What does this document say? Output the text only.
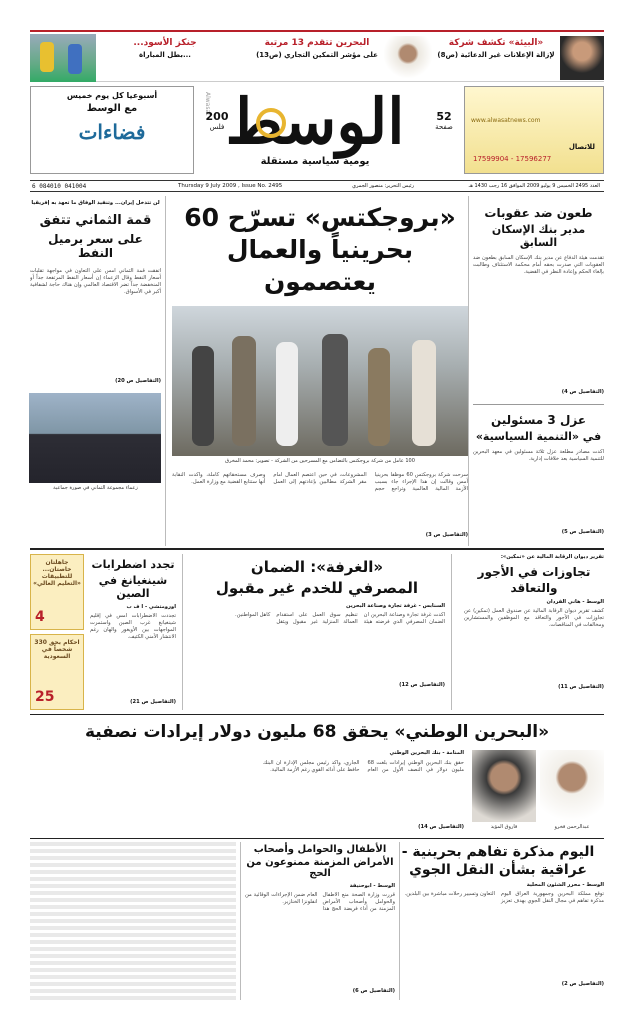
«البيئة» تكشف شركة
لإزالة الإعلانات غير الدعائية (ص8)
البحرين تتقدم 13 مرتبة
على مؤشر التمكين التجاري (ص13)
جنكز الأسود...
...بطل المباراة
www.alwasatnews.com
للاتصال
17599904 - 17596277
52
صفحة
الوسط
Alwasat
يومية سياسية مستقلة
200
فلس
أسبوعيا كل يوم خميس
مع الوسط
فضاءات
العدد 2495 الخميس 9 يوليو 2009 الموافق 16 رجب 1430 هـ
رئيس التحرير: منصور الجمري
Thursday 9 July 2009 , Issue No. 2495
6 084010 041004
طعون ضد عقوبات
مدير بنك الإسكان السابق
تقدمت هيئة الدفاع عن مدير بنك الإسكان السابق بطعون ضد العقوبات التي صدرت بحقه أمام محكمة الاستئناف وطالبت بإلغاء الحكم وإعادة النظر في القضية.
(التفاصيل ص 4)
عزل 3 مسئولين
في «التنمية السياسية»
أكدت مصادر مطلعة عزل ثلاثة مسئولين في معهد البحرين للتنمية السياسية بعد خلافات إدارية.
(التفاصيل ص 5)
«بروجكتس» تسرّح 60
بحرينياً والعمال يعتصمون
100 عامل من شركة بروجكتس بالتضامن مع المسرحين من الشركة - تصوير: محمد المخرق
سرحت شركة بروجكتس 60 موظفاً بحرينياً أمس وقالت إن هذا الإجراء جاء بسبب الأزمة المالية العالمية وتراجع حجم المشروعات، في حين اعتصم العمال أمام مقر الشركة مطالبين بإعادتهم إلى العمل وصرف مستحقاتهم كاملة، وأكدت النقابة أنها ستتابع القضية مع وزارة العمل.
(التفاصيل ص 3)
لن تتدخل إيران... وتنفيذ الوفاق ما تعهد به إفريقيا
قمة الثماني تتفق
على سعر برميل النفط
اتفقت قمة الثماني أمس على التعاون في مواجهة تقلبات أسعار النفط وقال الزعماء إن أسعار النفط المرتفعة جداً أو المنخفضة جداً تضر الاقتصاد العالمي وإن هناك حاجة لشفافية أكبر في الأسواق.
(التفاصيل ص 20)
زعماء مجموعة الثماني في صورة جماعية
تقرير ديوان الرقابة المالية عن «تمكين»:
تجاوزات في الأجور
والتعاقد
الوسط - هاني الفردان
كشف تقرير ديوان الرقابة المالية عن صندوق العمل (تمكين) عن تجاوزات في الأجور والتعاقد مع الموظفين والمستشارين ومخالفات في المناقصات.
(التفاصيل ص 11)
«الغرفة»: الضمان
المصرفي للخدم غير مقبول
السنابس - غرفة تجارة وصناعة البحرين
أكدت غرفة تجارة وصناعة البحرين أن الضمان المصرفي الذي فرضته هيئة تنظيم سوق العمل على استقدام العمالة المنزلية غير مقبول ويثقل كاهل المواطنين.
(التفاصيل ص 12)
تجدد اضطرابات
شينغيانغ في الصين
أورومتشي - أ ف ب
تجددت الاضطرابات أمس في إقليم شينغيانغ غرب الصين واستمرت المواجهات بين الأويغور والهان رغم الانتشار الأمني الكثيف.
(التفاصيل ص 21)
جاهلتان خاصتان... للتطبيقات «التعليم العالي»
4
احكام بحق 330 شخصاً في السعودية
25
«البحرين الوطني» يحقق 68 مليون دولار إيرادات نصفية
عبدالرحمن فخرو
فاروق المؤيد
المنامة - بنك البحرين الوطني
حقق بنك البحرين الوطني إيرادات بلغت 68 مليون دولار في النصف الأول من العام الجاري، وأكد رئيس مجلس الإدارة أن البنك حافظ على أدائه القوي رغم الأزمة المالية.
(التفاصيل ص 14)
اليوم مذكرة تفاهم بحرينية -
عراقية بشأن النقل الجوي
الوسط - محرر الشئون المحلية
توقع مملكة البحرين وجمهورية العراق اليوم مذكرة تفاهم في مجال النقل الجوي بهدف تعزيز التعاون وتسيير رحلات مباشرة بين البلدين.
(التفاصيل ص 2)
الأطفال والحوامل وأصحاب
الأمراض المزمنة ممنوعون من الحج
الوسط - أبوحنيفة
قررت وزارة الصحة منع الأطفال والحوامل وأصحاب الأمراض المزمنة من أداء فريضة الحج هذا العام ضمن الإجراءات الوقائية من انفلونزا الخنازير.
(التفاصيل ص 6)
